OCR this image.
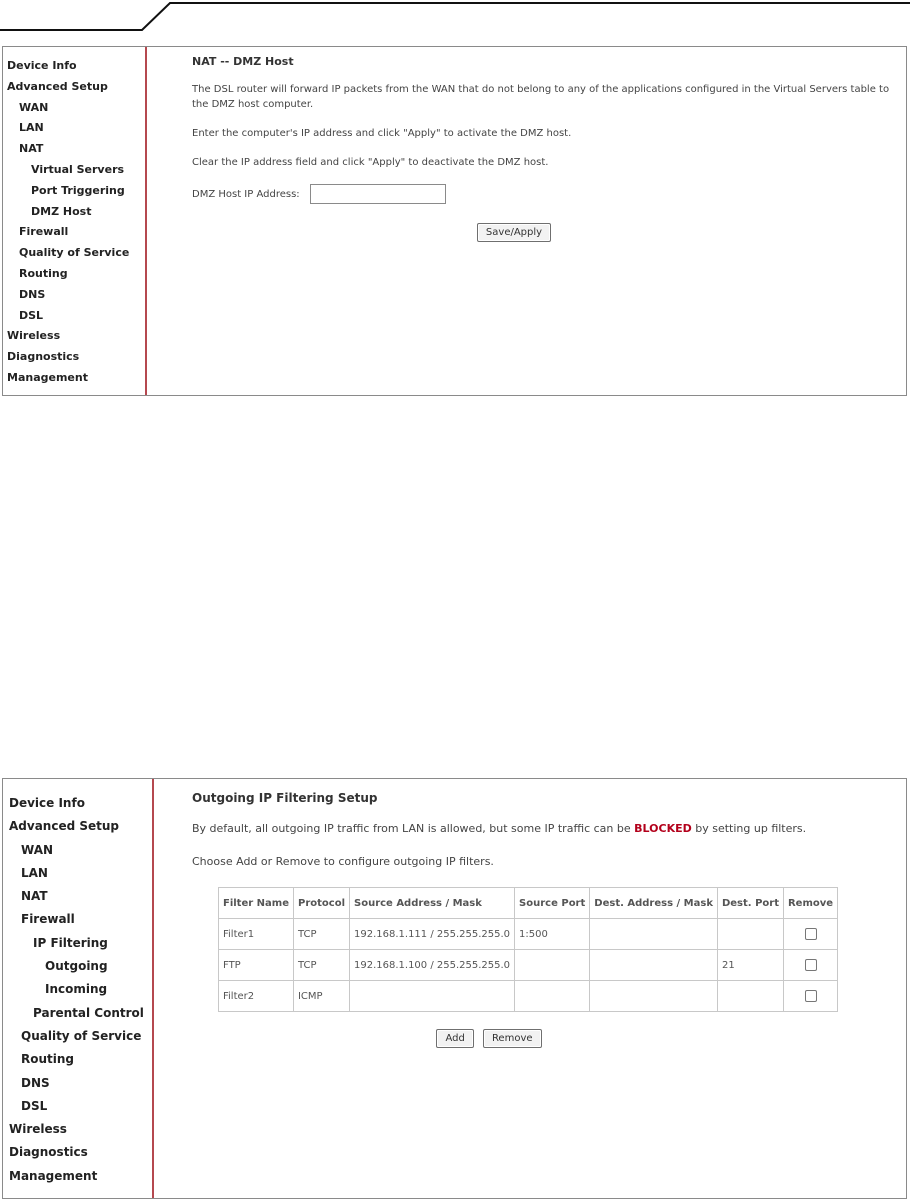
Device Info
Advanced Setup
WAN
LAN
NAT
Virtual Servers
Port Triggering
DMZ Host
Firewall
Quality of Service
Routing
DNS
DSL
Wireless
Diagnostics
Management

NAT -- DMZ Host

The DSL router will forward IP packets from the WAN that do not belong to any of the applications configured in the Virtual Servers table to the DMZ host computer.

Enter the computer's IP address and click "Apply" to activate the DMZ host.

Clear the IP address field and click "Apply" to deactivate the DMZ host.

DMZ Host IP Address:
Save/Apply
Device Info
Advanced Setup
WAN
LAN
NAT
Firewall
IP Filtering
Outgoing
Incoming
Parental Control
Quality of Service
Routing
DNS
DSL
Wireless
Diagnostics
Management

Outgoing IP Filtering Setup

By default, all outgoing IP traffic from LAN is allowed, but some IP traffic can be BLOCKED by setting up filters.

Choose Add or Remove to configure outgoing IP filters.

Filter Name	Protocol	Source Address / Mask	Source Port	Dest. Address / Mask	Dest. Port	Remove
Filter1	TCP	192.168.1.111 / 255.255.255.0	1:500			
FTP	TCP	192.168.1.100 / 255.255.255.0			21	
Filter2	ICMP					
Add	Remove
